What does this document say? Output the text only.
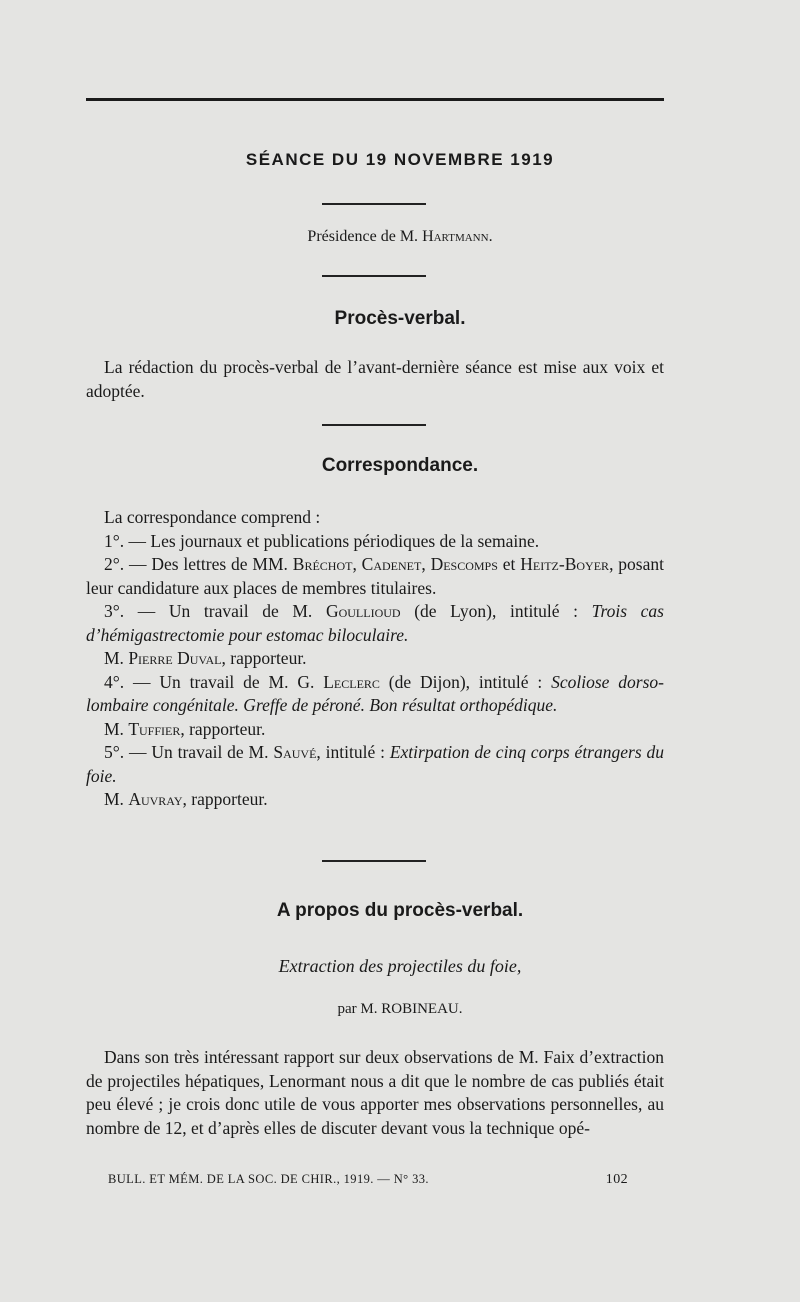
SÉANCE DU 19 NOVEMBRE 1919
Présidence de M. Hartmann.
Procès-verbal.

La rédaction du procès-verbal de l’avant-dernière séance est mise aux voix et adoptée.

Correspondance.

La correspondance comprend :

1°. — Les journaux et publications périodiques de la semaine.

2°. — Des lettres de MM. Bréchot, Cadenet, Descomps et Heitz-Boyer, posant leur candidature aux places de membres titulaires.

3°. — Un travail de M. Goullioud (de Lyon), intitulé : Trois cas d’hémigastrectomie pour estomac biloculaire.

M. Pierre Duval, rapporteur.

4°. — Un travail de M. G. Leclerc (de Dijon), intitulé : Scoliose dorso-lombaire congénitale. Greffe de péroné. Bon résultat orthopédique.

M. Tuffier, rapporteur.

5°. — Un travail de M. Sauvé, intitulé : Extirpation de cinq corps étrangers du foie.

M. Auvray, rapporteur.

A propos du procès-verbal.
Extraction des projectiles du foie,
par M. ROBINEAU.

Dans son très intéressant rapport sur deux observations de M. Faix d’extraction de projectiles hépatiques, Lenormant nous a dit que le nombre de cas publiés était peu élevé ; je crois donc utile de vous apporter mes observations personnelles, au nombre de 12, et d’après elles de discuter devant vous la technique opé-

BULL. ET MÉM. DE LA SOC. DE CHIR., 1919. — N° 33.	102
